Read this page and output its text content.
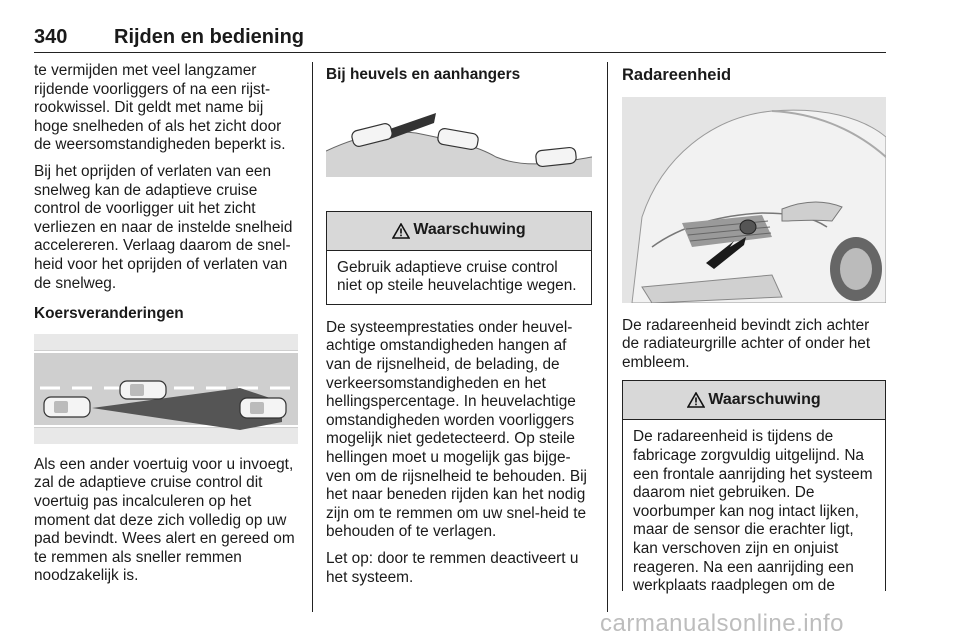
340 Rijden en bediening

te vermijden met veel langzamer rijdende voorliggers of na een rijst-rookwissel. Dit geldt met name bij hoge snelheden of als het zicht door de weersomstandigheden beperkt is.

Bij het oprijden of verlaten van een snelweg kan de adaptieve cruise control de voorligger uit het zicht verliezen en naar de instelde snelheid accelereren. Verlaag daarom de snel-heid voor het oprijden of verlaten van de snelweg.

Koersveranderingen

Als een ander voertuig voor u invoegt, zal de adaptieve cruise control dit voertuig pas incalculeren op het moment dat deze zich volledig op uw pad bevindt. Wees alert en gereed om te remmen als sneller remmen noodzakelijk is.

Bij heuvels en aanhangers

Waarschuwing
Gebruik adaptieve cruise control niet op steile heuvelachtige wegen.

De systeemprestaties onder heuvel-achtige omstandigheden hangen af van de rijsnelheid, de belading, de verkeersomstandigheden en het hellingspercentage. In heuvelachtige omstandigheden worden voorliggers mogelijk niet gedetecteerd. Op steile hellingen moet u mogelijk gas bijge-ven om de rijsnelheid te behouden. Bij het naar beneden rijden kan het nodig zijn om te remmen om uw snel-heid te behouden of te verlagen.

Let op: door te remmen deactiveert u het systeem.

Radareenheid

De radareenheid bevindt zich achter de radiateurgrille achter of onder het embleem.

Waarschuwing
De radareenheid is tijdens de fabricage zorgvuldig uitgelijnd. Na een frontale aanrijding het systeem daarom niet gebruiken. De voorbumper kan nog intact lijken, maar de sensor die erachter ligt, kan verschoven zijn en onjuist reageren. Na een aanrijding een werkplaats raadplegen om de
carmanualsonline.info
